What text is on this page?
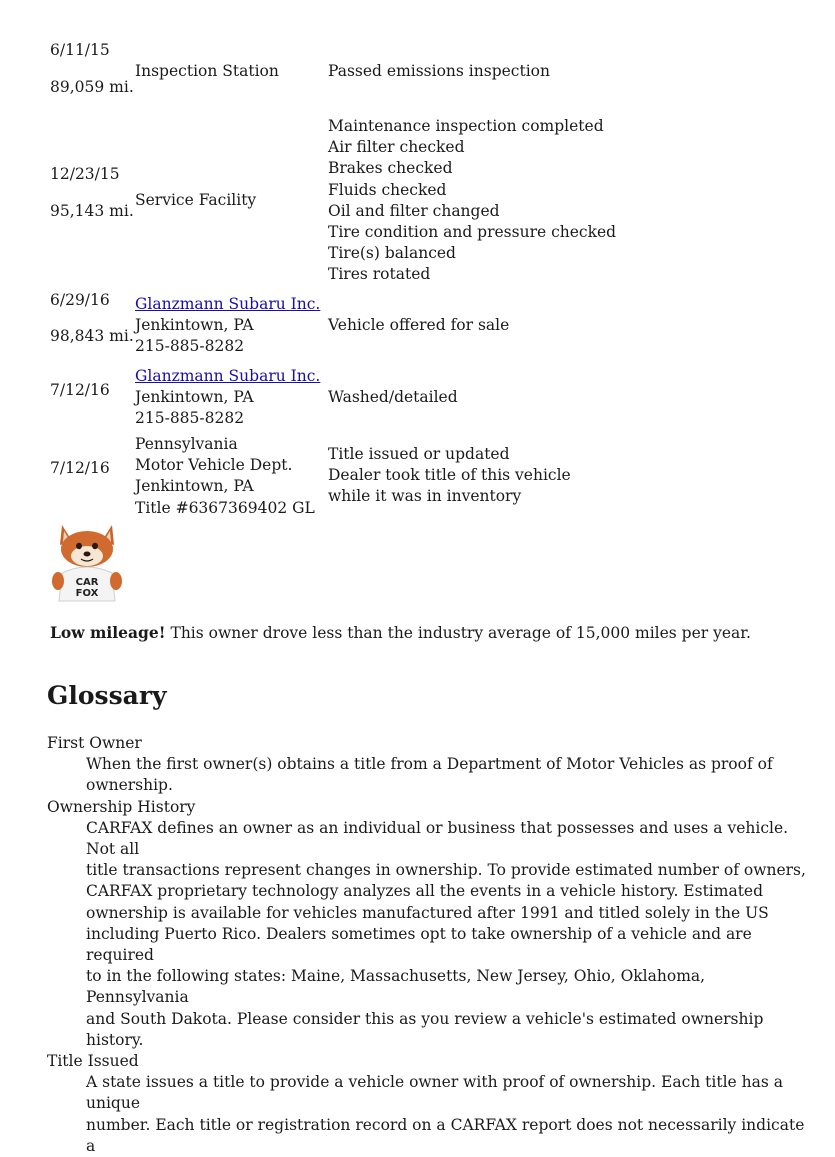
6/11/15
89,059 mi.
Inspection Station	Passed emissions inspection
12/23/15
95,143 mi.
Service Facility
Maintenance inspection completed
Air filter checked
Brakes checked
Fluids checked
Oil and filter changed
Tire condition and pressure checked
Tire(s) balanced
Tires rotated
6/29/16
98,843 mi.
Glanzmann Subaru Inc.
Jenkintown, PA
215-885-8282
Vehicle offered for sale
7/12/16
Glanzmann Subaru Inc.
Jenkintown, PA
215-885-8282
Washed/detailed
7/12/16
Pennsylvania
Motor Vehicle Dept.
Jenkintown, PA
Title #6367369402 GL
Title issued or updated
Dealer took title of this vehicle
while it was in inventory
CAR
FOX
Low mileage! This owner drove less than the industry average of 15,000 miles per year.
Glossary
First Owner
When the first owner(s) obtains a title from a Department of Motor Vehicles as proof of
ownership.
Ownership History
CARFAX defines an owner as an individual or business that possesses and uses a vehicle. Not all
title transactions represent changes in ownership. To provide estimated number of owners,
CARFAX proprietary technology analyzes all the events in a vehicle history. Estimated
ownership is available for vehicles manufactured after 1991 and titled solely in the US
including Puerto Rico. Dealers sometimes opt to take ownership of a vehicle and are required
to in the following states: Maine, Massachusetts, New Jersey, Ohio, Oklahoma, Pennsylvania
and South Dakota. Please consider this as you review a vehicle's estimated ownership history.
Title Issued
A state issues a title to provide a vehicle owner with proof of ownership. Each title has a unique
number. Each title or registration record on a CARFAX report does not necessarily indicate a
